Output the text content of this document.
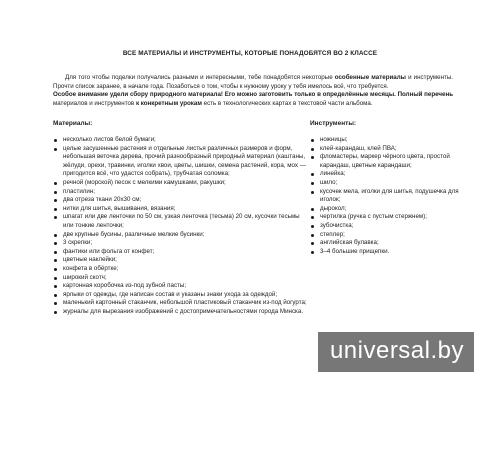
ВСЕ МАТЕРИАЛЫ И ИНСТРУМЕНТЫ, КОТОРЫЕ ПОНАДОБЯТСЯ ВО 2 КЛАССЕ

Для того чтобы поделки получались разными и интересными, тебе понадобятся некоторые особенные материалы и инструменты. Прочти список заранее, в начале года. Позаботься о том, чтобы к нужному уроку у тебя имелось всё, что требуется.

Особое внимание удели сбору природного материала! Его можно заготовить только в определённые месяцы. Полный перечень материалов и инструментов к конкретным урокам есть в технологических картах в текстовой части альбома.

Материалы:	Инструменты:
несколько листов белой бумаги;
целые засушенные растения и отдельные листья различных размеров и форм, небольшая веточка дерева, прочий разнообразный природный материал (каштаны, жёлуди, орехи, травинки, иголки хвои, цветы, шишки, семена растений, кора, мох — пригодится всё, что удастся собрать), трубчатая соломка;
речной (морской) песок с мелкими камушками, ракушки;
пластилин;
два отреза ткани 20х30 см;
нитки для шитья, вышивания, вязания;
шпагат или две ленточки по 50 см, узкая ленточка (тесьма) 20 см, кусочки тесьмы или тонкие ленточки;
две крупные бусины, различные мелкие бусинки;
3 скрепки;
фантики или фольга от конфет;
цветные наклейки;
конфета в обёртке;
широкий скотч;
картонная коробочка из-под зубной пасты;
ярлыки от одежды, где написан состав и указаны знаки ухода за одеждой;
маленький картонный стаканчик, небольшой пластиковый стаканчик из-под йогурта;
журналы для вырезания изображений с достопримечательностями города Минска.
ножницы;
клей-карандаш, клей ПВА;
фломастеры, маркер чёрного цвета, простой карандаш, цветные карандаши;
линейка;
шило;
кусочек мела, иголки для шитья, подушечка для иголок;
дырокол;
чертилка (ручка с пустым стержнем);
зубочистка;
степлер;
английская булавка;
3–4 большие прищепки.
universal.by
